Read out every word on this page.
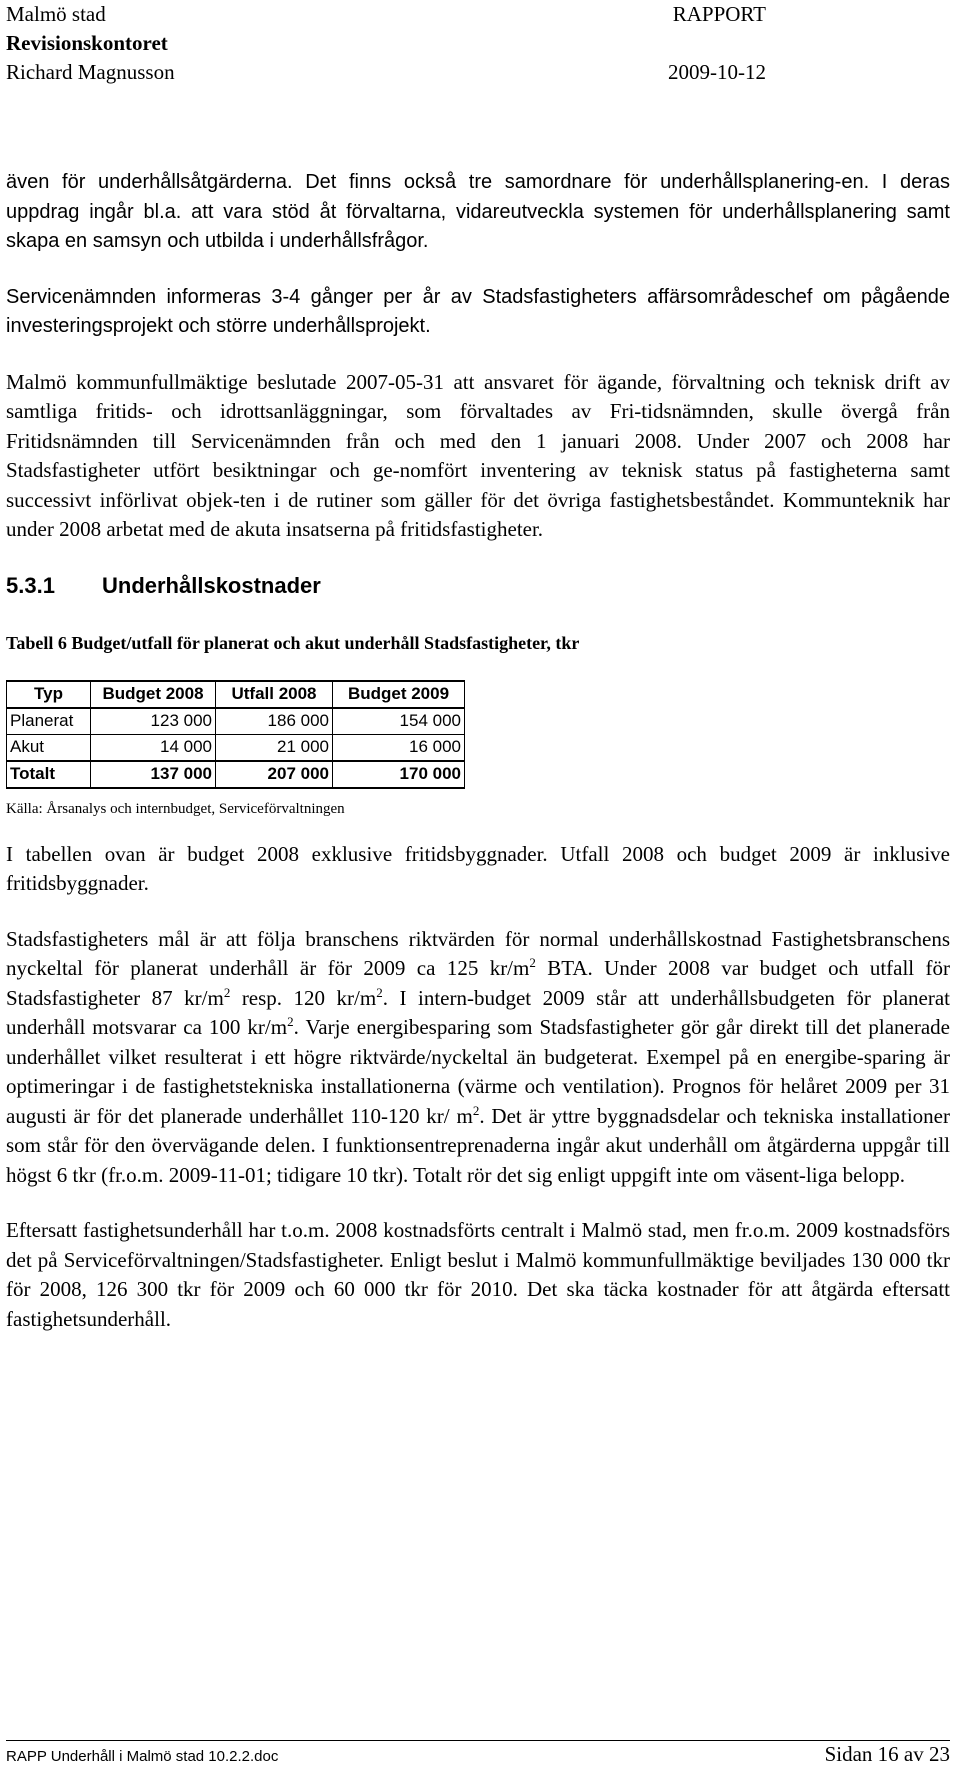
Malmö stad	RAPPORT
Revisionskontoret
Richard Magnusson	2009-10-12

även för underhållsåtgärderna. Det finns också tre samordnare för underhållsplanering-en. I deras uppdrag ingår bl.a. att vara stöd åt förvaltarna, vidareutveckla systemen för underhållsplanering samt skapa en samsyn och utbilda i underhållsfrågor.

Servicenämnden informeras 3-4 gånger per år av Stadsfastigheters affärsområdeschef om pågående investeringsprojekt och större underhållsprojekt.

Malmö kommunfullmäktige beslutade 2007-05-31 att ansvaret för ägande, förvaltning och teknisk drift av samtliga fritids- och idrottsanläggningar, som förvaltades av Fri-tidsnämnden, skulle övergå från Fritidsnämnden till Servicenämnden från och med den 1 januari 2008. Under 2007 och 2008 har Stadsfastigheter utfört besiktningar och ge-nomfört inventering av teknisk status på fastigheterna samt successivt införlivat objek-ten i de rutiner som gäller för det övriga fastighetsbeståndet. Kommunteknik har under 2008 arbetat med de akuta insatserna på fritidsfastigheter.

5.3.1	Underhållskostnader
Tabell 6 Budget/utfall för planerat och akut underhåll Stadsfastigheter, tkr
Typ	Budget 2008	Utfall 2008	Budget 2009
Planerat	123 000	186 000	154 000
Akut	14 000	21 000	16 000
Totalt	137 000	207 000	170 000
Källa: Årsanalys och internbudget, Serviceförvaltningen

I tabellen ovan är budget 2008 exklusive fritidsbyggnader. Utfall 2008 och budget 2009 är inklusive fritidsbyggnader.

Stadsfastigheters mål är att följa branschens riktvärden för normal underhållskostnad Fastighetsbranschens nyckeltal för planerat underhåll är för 2009 ca 125 $kr/m^2$ BTA. Under 2008 var budget och utfall för Stadsfastigheter 87 $kr/m^2$ resp. 120 $kr/m^2$. I intern-budget 2009 står att underhållsbudgeten för planerat underhåll motsvarar ca 100 $kr/m^2$. Varje energibesparing som Stadsfastigheter gör går direkt till det planerade underhållet vilket resulterat i ett högre riktvärde/nyckeltal än budgeterat. Exempel på en energibe-sparing är optimeringar i de fastighetstekniska installationerna (värme och ventilation). Prognos för helåret 2009 per 31 augusti är för det planerade underhållet 110-120 kr/ $m^2$. Det är yttre byggnadsdelar och tekniska installationer som står för den övervägande delen. I funktionsentreprenaderna ingår akut underhåll om åtgärderna uppgår till högst 6 tkr (fr.o.m. 2009-11-01; tidigare 10 tkr). Totalt rör det sig enligt uppgift inte om väsent-liga belopp.

Eftersatt fastighetsunderhåll har t.o.m. 2008 kostnadsförts centralt i Malmö stad, men fr.o.m. 2009 kostnadsförs det på Serviceförvaltningen/Stadsfastigheter. Enligt beslut i Malmö kommunfullmäktige beviljades 130 000 tkr för 2008, 126 300 tkr för 2009 och 60 000 tkr för 2010. Det ska täcka kostnader för att åtgärda eftersatt fastighetsunderhåll.

RAPP Underhåll i Malmö stad 10.2.2.doc	Sidan 16 av 23
